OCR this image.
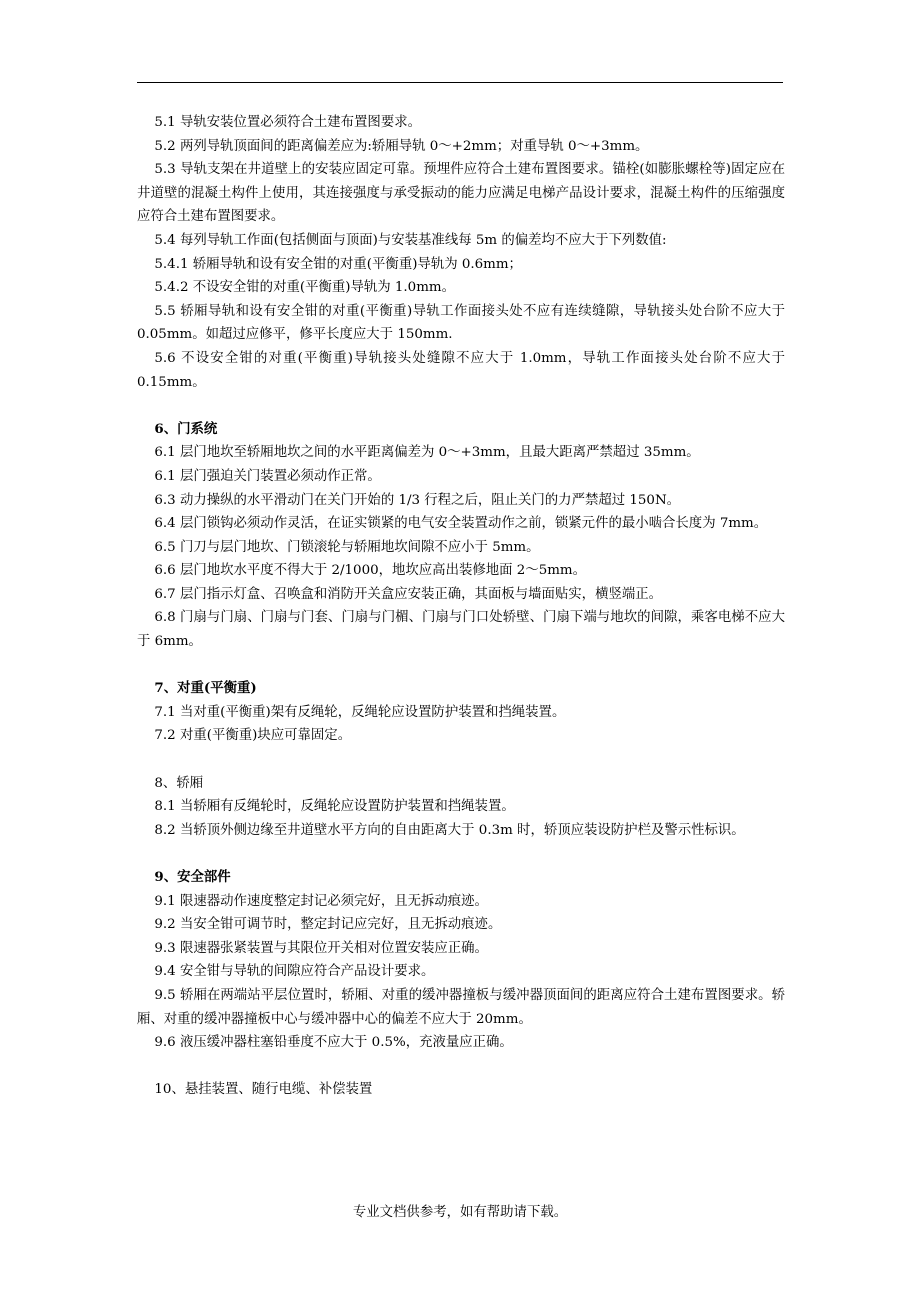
5.1 导轨安装位置必须符合土建布置图要求。

5.2 两列导轨顶面间的距离偏差应为:轿厢导轨 0～+2mm；对重导轨 0～+3mm。

5.3 导轨支架在井道壁上的安装应固定可靠。预埋件应符合土建布置图要求。锚栓(如膨胀螺栓等)固定应在井道壁的混凝土构件上使用，其连接强度与承受振动的能力应满足电梯产品设计要求，混凝土构件的压缩强度应符合土建布置图要求。

5.4 每列导轨工作面(包括侧面与顶面)与安装基准线每 5m 的偏差均不应大于下列数值:

5.4.1 轿厢导轨和设有安全钳的对重(平衡重)导轨为 0.6mm；

5.4.2 不设安全钳的对重(平衡重)导轨为 1.0mm。

5.5 轿厢导轨和设有安全钳的对重(平衡重)导轨工作面接头处不应有连续缝隙，导轨接头处台阶不应大于 0.05mm。如超过应修平，修平长度应大于 150mm.

5.6 不设安全钳的对重(平衡重)导轨接头处缝隙不应大于 1.0mm，导轨工作面接头处台阶不应大于 0.15mm。

6、门系统

6.1 层门地坎至轿厢地坎之间的水平距离偏差为 0～+3mm，且最大距离严禁超过 35mm。

6.1 层门强迫关门装置必须动作正常。

6.3 动力操纵的水平滑动门在关门开始的 1/3 行程之后，阻止关门的力严禁超过 150N。

6.4 层门锁钩必须动作灵活，在证实锁紧的电气安全装置动作之前，锁紧元件的最小啮合长度为 7mm。

6.5 门刀与层门地坎、门锁滚轮与轿厢地坎间隙不应小于 5mm。

6.6 层门地坎水平度不得大于 2/1000，地坎应高出装修地面 2～5mm。

6.7 层门指示灯盒、召唤盒和消防开关盒应安装正确，其面板与墙面贴实，横竖端正。

6.8 门扇与门扇、门扇与门套、门扇与门楣、门扇与门口处轿壁、门扇下端与地坎的间隙，乘客电梯不应大于 6mm。

7、对重(平衡重)

7.1 当对重(平衡重)架有反绳轮，反绳轮应设置防护装置和挡绳装置。

7.2 对重(平衡重)块应可靠固定。

8、轿厢

8.1 当轿厢有反绳轮时，反绳轮应设置防护装置和挡绳装置。

8.2 当轿顶外侧边缘至井道壁水平方向的自由距离大于 0.3m 时，轿顶应装设防护栏及警示性标识。

9、安全部件

9.1 限速器动作速度整定封记必须完好，且无拆动痕迹。

9.2 当安全钳可调节时，整定封记应完好，且无拆动痕迹。

9.3 限速器张紧装置与其限位开关相对位置安装应正确。

9.4 安全钳与导轨的间隙应符合产品设计要求。

9.5 轿厢在两端站平层位置时，轿厢、对重的缓冲器撞板与缓冲器顶面间的距离应符合土建布置图要求。轿厢、对重的缓冲器撞板中心与缓冲器中心的偏差不应大于 20mm。

9.6 液压缓冲器柱塞铅垂度不应大于 0.5%，充液量应正确。

10、悬挂装置、随行电缆、补偿装置

专业文档供参考，如有帮助请下载。
